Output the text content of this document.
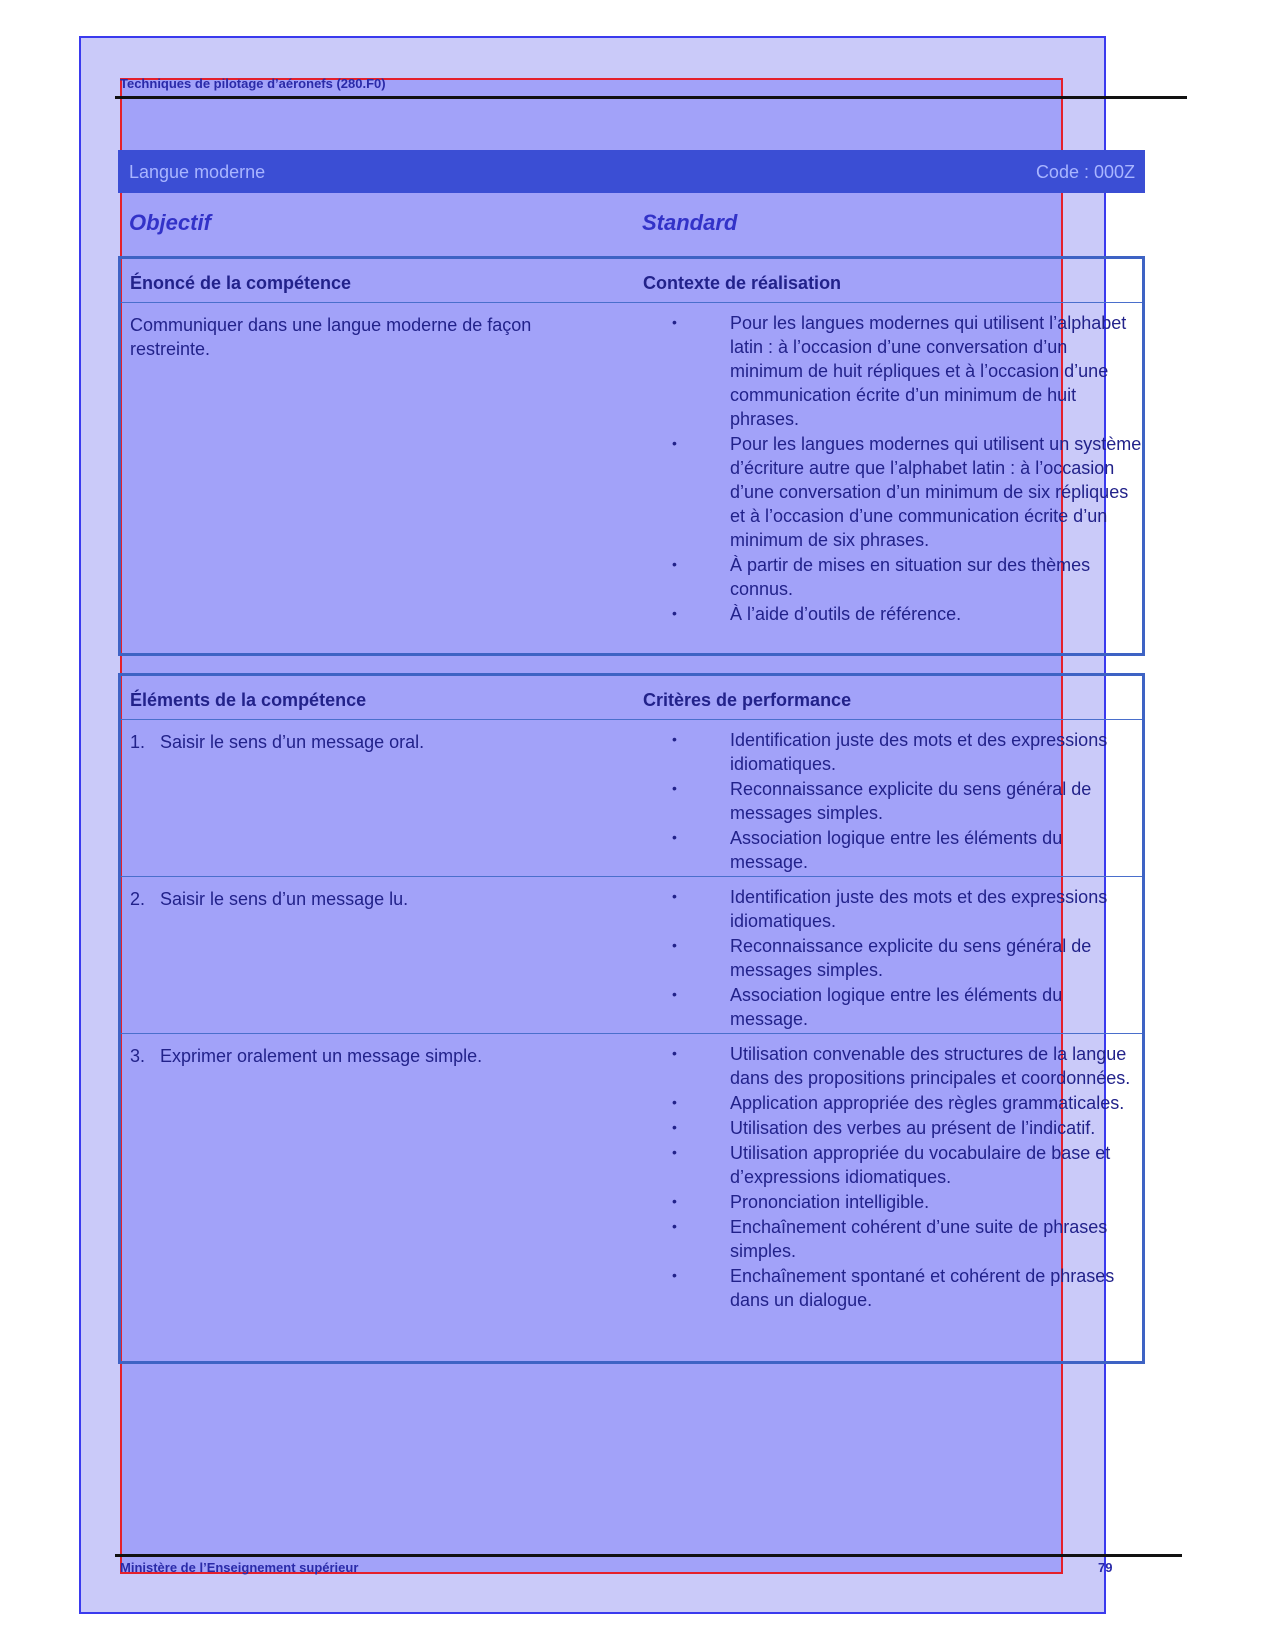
Techniques de pilotage d’aéronefs (280.F0)
Langue moderne	Code : 000Z
Objectif	Standard
Énoncé de la compétence	Contexte de réalisation
Communiquer dans une langue moderne de façon restreinte.
•	Pour les langues modernes qui utilisent l’alphabet latin : à l’occasion d’une conversation d’un minimum de huit répliques et à l’occasion d’une communication écrite d’un minimum de huit phrases.
•	Pour les langues modernes qui utilisent un système d’écriture autre que l’alphabet latin : à l’occasion d’une conversation d’un minimum de six répliques et à l’occasion d’une communication écrite d’un minimum de six phrases.
•	À partir de mises en situation sur des thèmes connus.
•	À l’aide d’outils de référence.
Éléments de la compétence	Critères de performance
1. Saisir le sens d’un message oral.	•	Identification juste des mots et des expressions idiomatiques.
•	Reconnaissance explicite du sens général de messages simples.
•	Association logique entre les éléments du message.
2. Saisir le sens d’un message lu.	•	Identification juste des mots et des expressions idiomatiques.
•	Reconnaissance explicite du sens général de messages simples.
•	Association logique entre les éléments du message.
3. Exprimer oralement un message simple.	•	Utilisation convenable des structures de la langue dans des propositions principales et coordonnées.
•	Application appropriée des règles grammaticales.
•	Utilisation des verbes au présent de l’indicatif.
•	Utilisation appropriée du vocabulaire de base et d’expressions idiomatiques.
•	Prononciation intelligible.
•	Enchaînement cohérent d’une suite de phrases simples.
•	Enchaînement spontané et cohérent de phrases dans un dialogue.
Ministère de l’Enseignement supérieur	79
